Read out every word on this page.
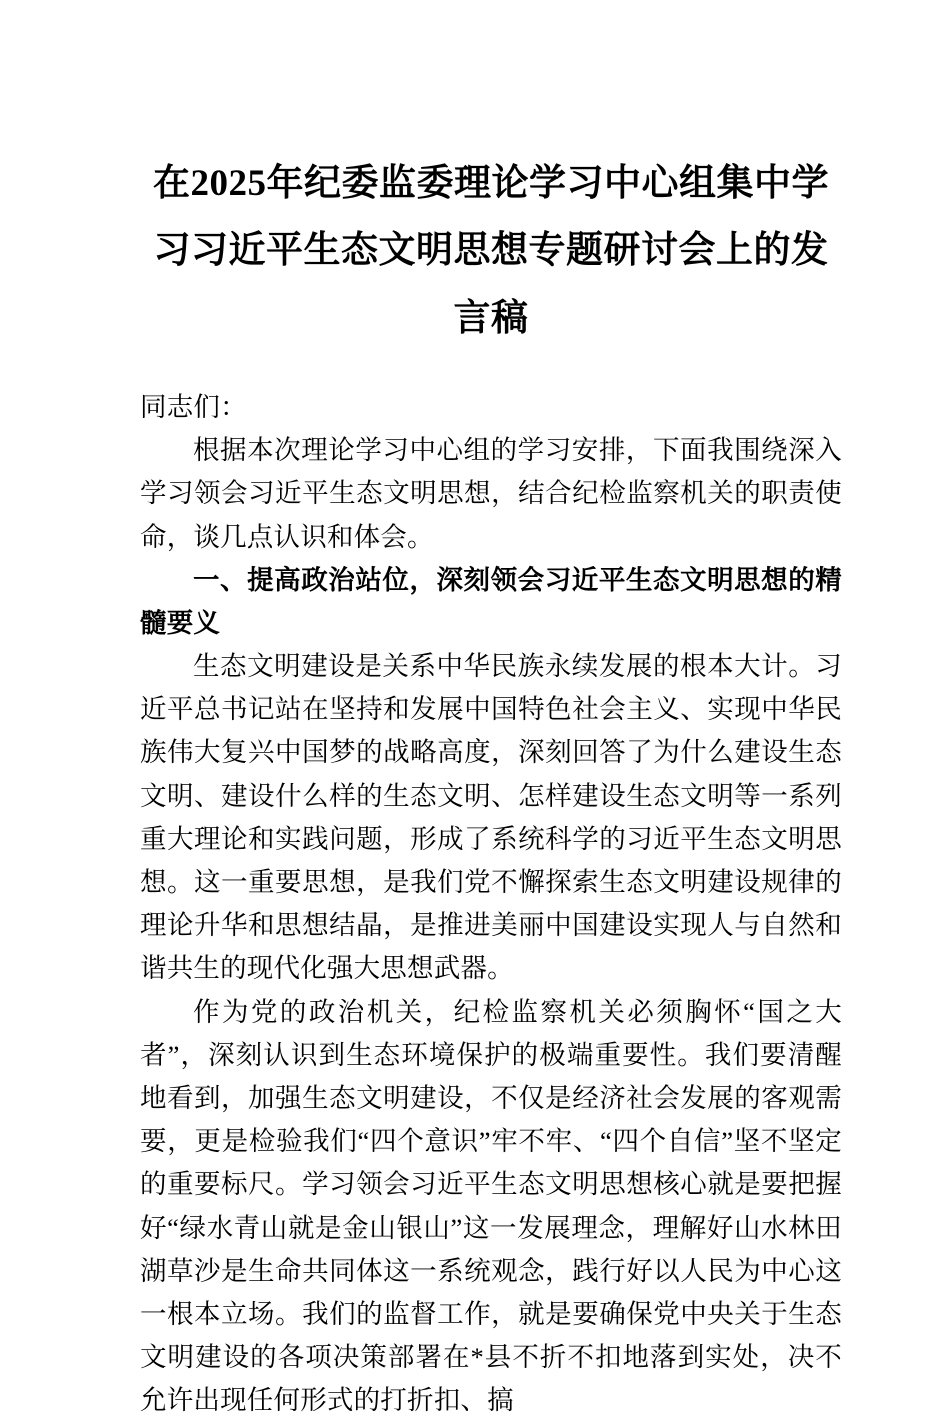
在2025年纪委监委理论学习中心组集中学习习近平生态文明思想专题研讨会上的发言稿

同志们：

根据本次理论学习中心组的学习安排，下面我围绕深入学习领会习近平生态文明思想，结合纪检监察机关的职责使命，谈几点认识和体会。

一、提高政治站位，深刻领会习近平生态文明思想的精髓要义

生态文明建设是关系中华民族永续发展的根本大计。习近平总书记站在坚持和发展中国特色社会主义、实现中华民族伟大复兴中国梦的战略高度，深刻回答了为什么建设生态文明、建设什么样的生态文明、怎样建设生态文明等一系列重大理论和实践问题，形成了系统科学的习近平生态文明思想。这一重要思想，是我们党不懈探索生态文明建设规律的理论升华和思想结晶，是推进美丽中国建设实现人与自然和谐共生的现代化强大思想武器。

作为党的政治机关，纪检监察机关必须胸怀“国之大者”，深刻认识到生态环境保护的极端重要性。我们要清醒地看到，加强生态文明建设，不仅是经济社会发展的客观需要，更是检验我们“四个意识”牢不牢、“四个自信”坚不坚定的重要标尺。学习领会习近平生态文明思想核心就是要把握好“绿水青山就是金山银山”这一发展理念，理解好山水林田湖草沙是生命共同体这一系统观念，践行好以人民为中心这一根本立场。我们的监督工作，就是要确保党中央关于生态文明建设的各项决策部署在*县不折不扣地落到实处，决不允许出现任何形式的打折扣、搞
